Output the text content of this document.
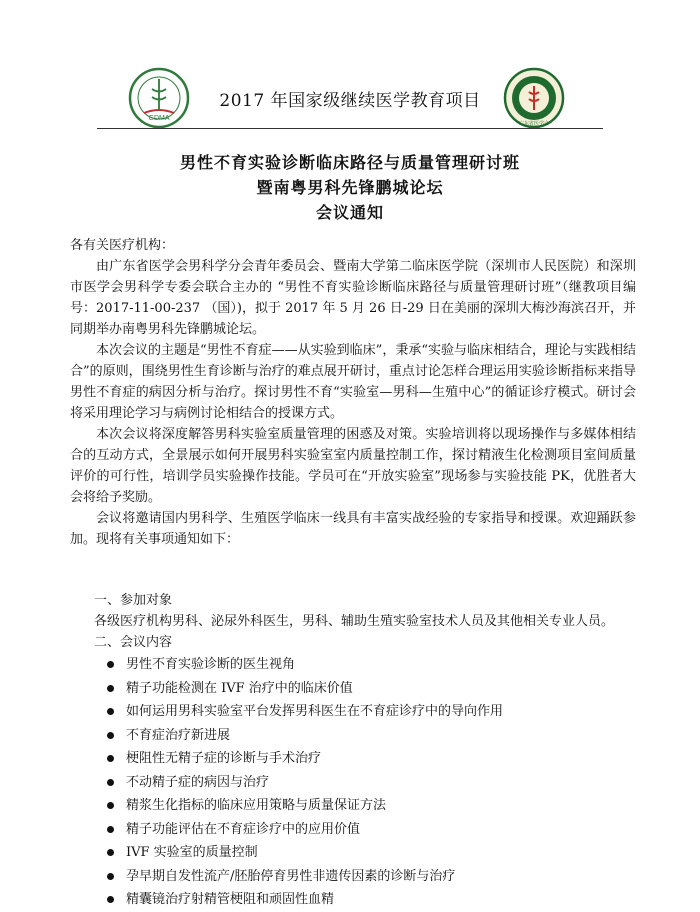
GDMA
2017 年国家级继续医学教育项目
广东省医学会
男性不育实验诊断临床路径与质量管理研讨班
暨南粤男科先锋鹏城论坛
会议通知

各有关医疗机构：

由广东省医学会男科学分会青年委员会、暨南大学第二临床医学院（深圳市人民医院）和深圳市医学会男科学专委会联合主办的 “男性不育实验诊断临床路径与质量管理研讨班”（继教项目编号：2017-11-00-237 （国）)，拟于 2017 年 5 月 26 日-29 日在美丽的深圳大梅沙海滨召开，并同期举办南粤男科先锋鹏城论坛。

本次会议的主题是“男性不育症——从实验到临床”，秉承“实验与临床相结合，理论与实践相结合”的原则，围绕男性生育诊断与治疗的难点展开研讨，重点讨论怎样合理运用实验诊断指标来指导男性不育症的病因分析与治疗。探讨男性不育“实验室—男科—生殖中心”的循证诊疗模式。研讨会将采用理论学习与病例讨论相结合的授课方式。

本次会议将深度解答男科实验室质量管理的困惑及对策。实验培训将以现场操作与多媒体相结合的互动方式，全景展示如何开展男科实验室室内质量控制工作，探讨精液生化检测项目室间质量评价的可行性，培训学员实验操作技能。学员可在“开放实验室”现场参与实验技能 PK，优胜者大会将给予奖励。

会议将邀请国内男科学、生殖医学临床一线具有丰富实战经验的专家指导和授课。欢迎踊跃参加。现将有关事项通知如下：

一、参加对象

各级医疗机构男科、泌尿外科医生，男科、辅助生殖实验室技术人员及其他相关专业人员。

二、会议内容

男性不育实验诊断的医生视角
精子功能检测在 IVF 治疗中的临床价值
如何运用男科实验室平台发挥男科医生在不育症诊疗中的导向作用
不育症治疗新进展
梗阻性无精子症的诊断与手术治疗
不动精子症的病因与治疗
精浆生化指标的临床应用策略与质量保证方法
精子功能评估在不育症诊疗中的应用价值
IVF 实验室的质量控制
孕早期自发性流产/胚胎停育男性非遗传因素的诊断与治疗
精囊镜治疗射精管梗阻和顽固性血精
